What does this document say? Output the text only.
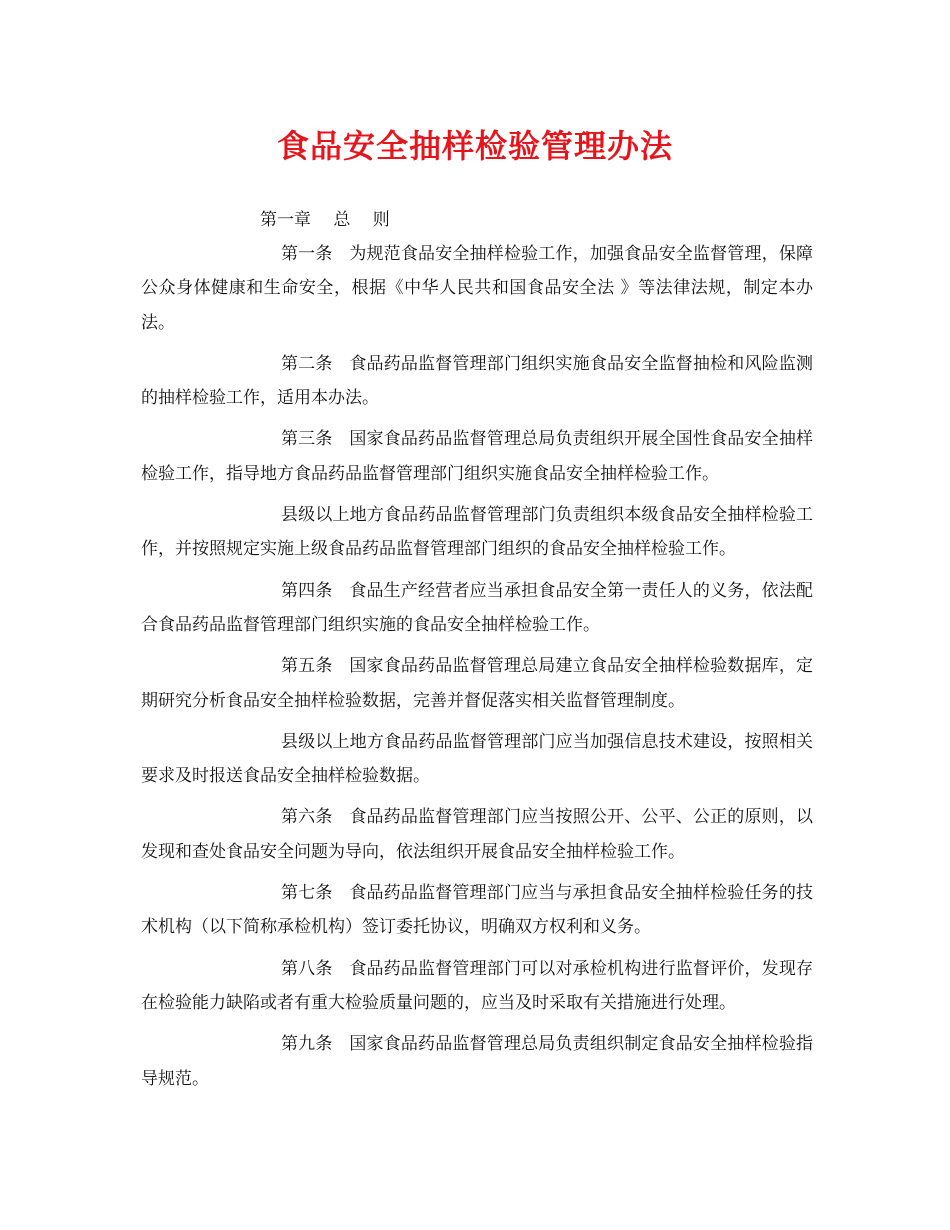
食品安全抽样检验管理办法

第一章　 总　 则

第一条 为规范食品安全抽样检验工作，加强食品安全监督管理，保障公众身体健康和生命安全，根据《中华人民共和国食品安全法 》等法律法规，制定本办法。

第二条 食品药品监督管理部门组织实施食品安全监督抽检和风险监测的抽样检验工作，适用本办法。

第三条 国家食品药品监督管理总局负责组织开展全国性食品安全抽样检验工作，指导地方食品药品监督管理部门组织实施食品安全抽样检验工作。

县级以上地方食品药品监督管理部门负责组织本级食品安全抽样检验工作，并按照规定实施上级食品药品监督管理部门组织的食品安全抽样检验工作。

第四条 食品生产经营者应当承担食品安全第一责任人的义务，依法配合食品药品监督管理部门组织实施的食品安全抽样检验工作。

第五条 国家食品药品监督管理总局建立食品安全抽样检验数据库，定期研究分析食品安全抽样检验数据，完善并督促落实相关监督管理制度。

县级以上地方食品药品监督管理部门应当加强信息技术建设，按照相关要求及时报送食品安全抽样检验数据。

第六条 食品药品监督管理部门应当按照公开、公平、公正的原则，以发现和查处食品安全问题为导向，依法组织开展食品安全抽样检验工作。

第七条 食品药品监督管理部门应当与承担食品安全抽样检验任务的技术机构（以下简称承检机构）签订委托协议，明确双方权利和义务。

第八条 食品药品监督管理部门可以对承检机构进行监督评价，发现存在检验能力缺陷或者有重大检验质量问题的，应当及时采取有关措施进行处理。

第九条 国家食品药品监督管理总局负责组织制定食品安全抽样检验指导规范。
